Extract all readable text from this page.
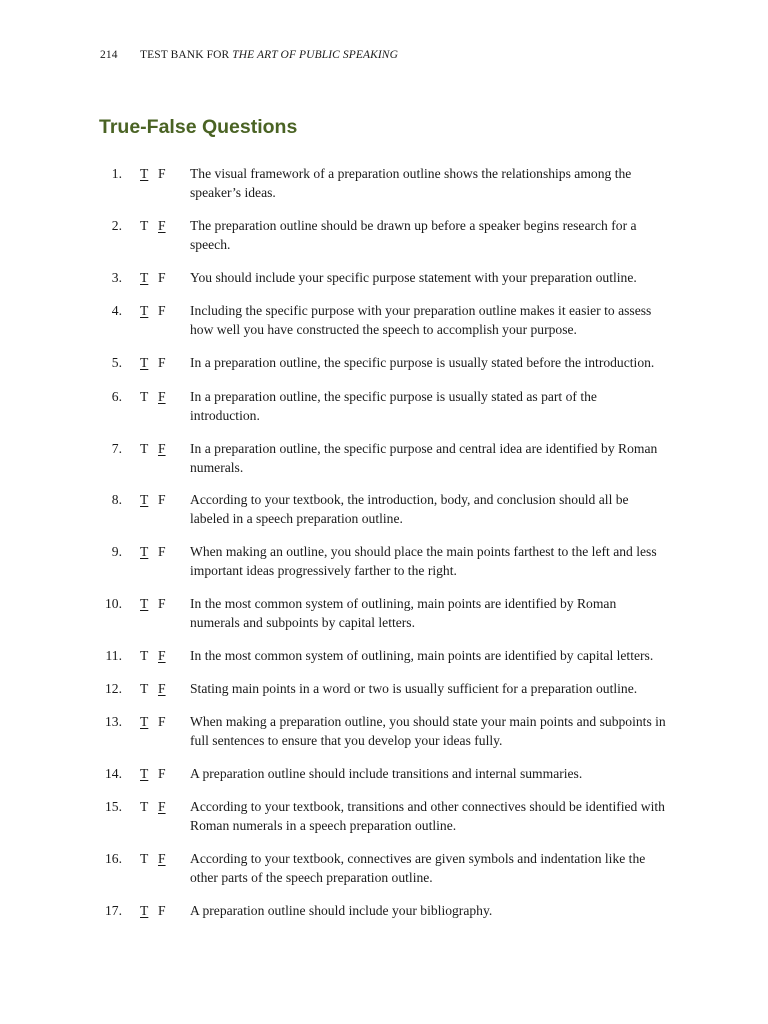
214 TEST BANK FOR THE ART OF PUBLIC SPEAKING
True-False Questions
1. T F The visual framework of a preparation outline shows the relationships among the speaker’s ideas.
2. T F The preparation outline should be drawn up before a speaker begins research for a speech.
3. T F You should include your specific purpose statement with your preparation outline.
4. T F Including the specific purpose with your preparation outline makes it easier to assess how well you have constructed the speech to accomplish your purpose.
5. T F In a preparation outline, the specific purpose is usually stated before the introduction.
6. T F In a preparation outline, the specific purpose is usually stated as part of the introduction.
7. T F In a preparation outline, the specific purpose and central idea are identified by Roman numerals.
8. T F According to your textbook, the introduction, body, and conclusion should all be labeled in a speech preparation outline.
9. T F When making an outline, you should place the main points farthest to the left and less important ideas progressively farther to the right.
10. T F In the most common system of outlining, main points are identified by Roman numerals and subpoints by capital letters.
11. T F In the most common system of outlining, main points are identified by capital letters.
12. T F Stating main points in a word or two is usually sufficient for a preparation outline.
13. T F When making a preparation outline, you should state your main points and subpoints in full sentences to ensure that you develop your ideas fully.
14. T F A preparation outline should include transitions and internal summaries.
15. T F According to your textbook, transitions and other connectives should be identified with Roman numerals in a speech preparation outline.
16. T F According to your textbook, connectives are given symbols and indentation like the other parts of the speech preparation outline.
17. T F A preparation outline should include your bibliography.
